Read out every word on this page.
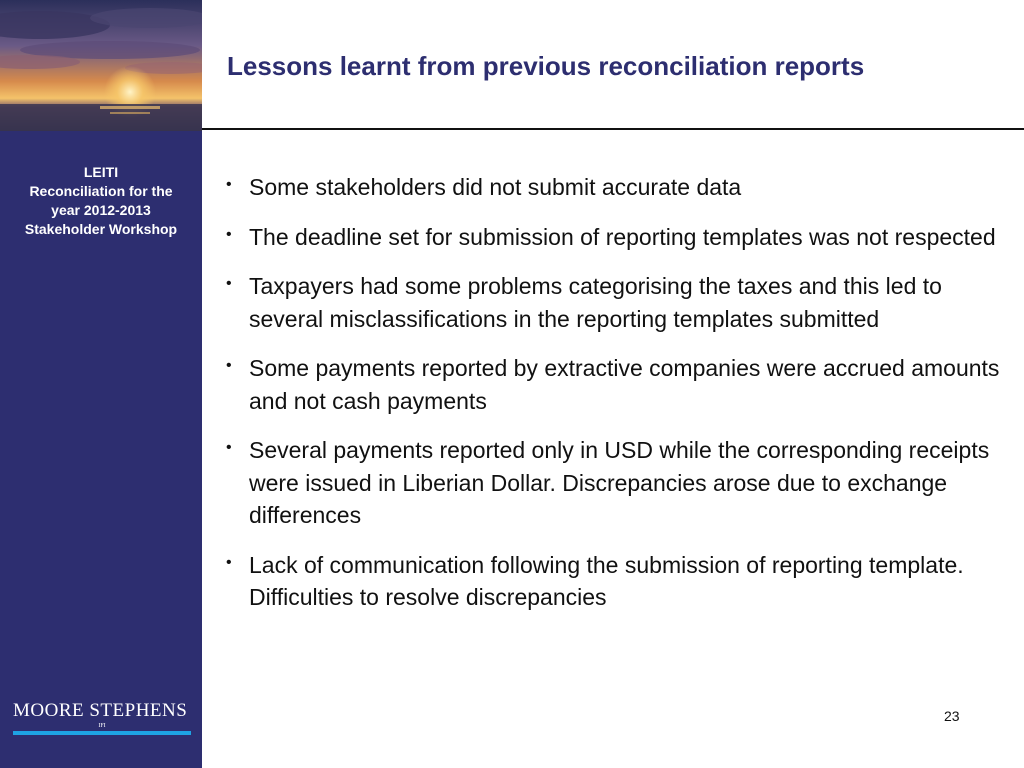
LEITI
Reconciliation for the
year 2012-2013
Stakeholder Workshop
MOORE STEPHENS
IFI
Lessons learnt from previous reconciliation reports
• Some stakeholders did not submit accurate data
• The deadline set for submission of reporting templates was not respected
• Taxpayers had some problems categorising the taxes and this led to several misclassifications in the reporting templates submitted
• Some payments reported by extractive companies were accrued amounts and not cash payments
• Several payments reported only in USD while the corresponding receipts were issued in Liberian Dollar. Discrepancies arose due to exchange differences
• Lack of communication following the submission of reporting template. Difficulties to resolve discrepancies
23
